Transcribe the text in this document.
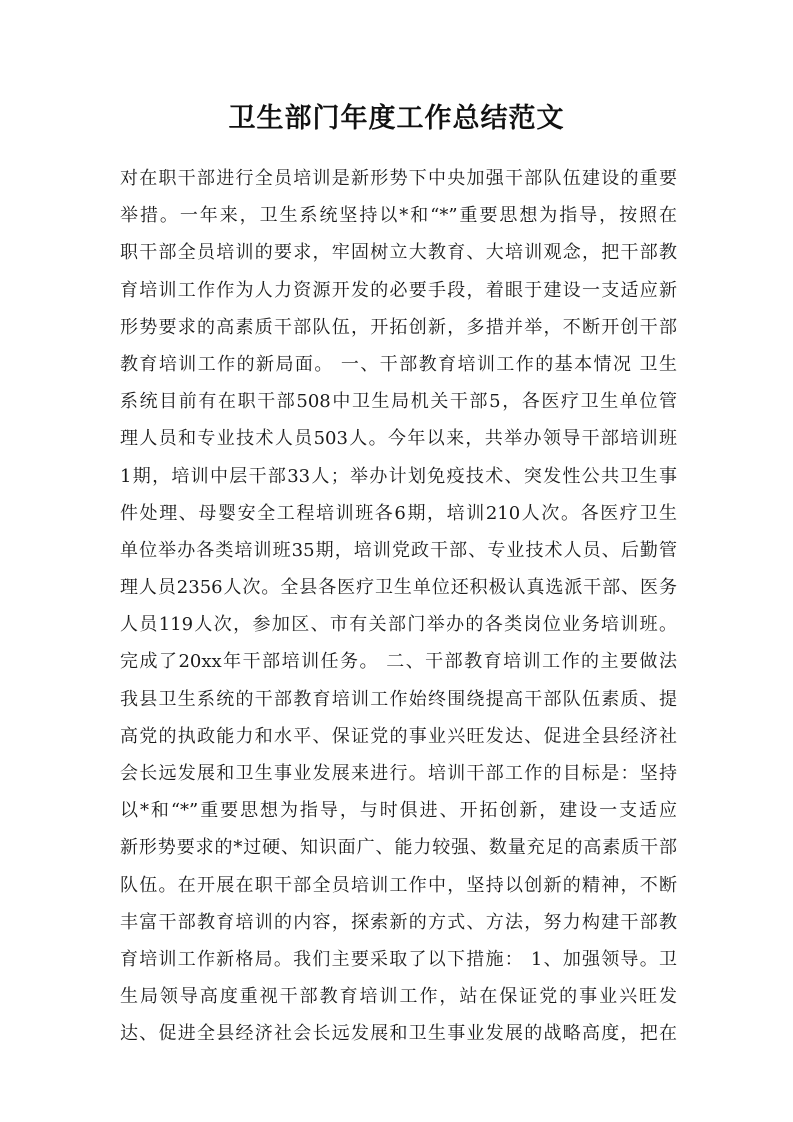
卫生部门年度工作总结范文
对在职干部进行全员培训是新形势下中央加强干部队伍建设的重要
举措。一年来，卫生系统坚持以*和“*”重要思想为指导，按照在
职干部全员培训的要求，牢固树立大教育、大培训观念，把干部教
育培训工作作为人力资源开发的必要手段，着眼于建设一支适应新
形势要求的高素质干部队伍，开拓创新，多措并举，不断开创干部
教育培训工作的新局面。 一、干部教育培训工作的基本情况 卫生
系统目前有在职干部508中卫生局机关干部5，各医疗卫生单位管
理人员和专业技术人员503人。今年以来，共举办领导干部培训班
1期，培训中层干部33人；举办计划免疫技术、突发性公共卫生事
件处理、母婴安全工程培训班各6期，培训210人次。各医疗卫生
单位举办各类培训班35期，培训党政干部、专业技术人员、后勤管
理人员2356人次。全县各医疗卫生单位还积极认真选派干部、医务
人员119人次，参加区、市有关部门举办的各类岗位业务培训班。
完成了20xx年干部培训任务。 二、干部教育培训工作的主要做法
我县卫生系统的干部教育培训工作始终围绕提高干部队伍素质、提
高党的执政能力和水平、保证党的事业兴旺发达、促进全县经济社
会长远发展和卫生事业发展来进行。培训干部工作的目标是：坚持
以*和“*”重要思想为指导，与时俱进、开拓创新，建设一支适应
新形势要求的*过硬、知识面广、能力较强、数量充足的高素质干部
队伍。在开展在职干部全员培训工作中，坚持以创新的精神，不断
丰富干部教育培训的内容，探索新的方式、方法，努力构建干部教
育培训工作新格局。我们主要采取了以下措施： 1、加强领导。卫
生局领导高度重视干部教育培训工作，站在保证党的事业兴旺发
达、促进全县经济社会长远发展和卫生事业发展的战略高度，把在
